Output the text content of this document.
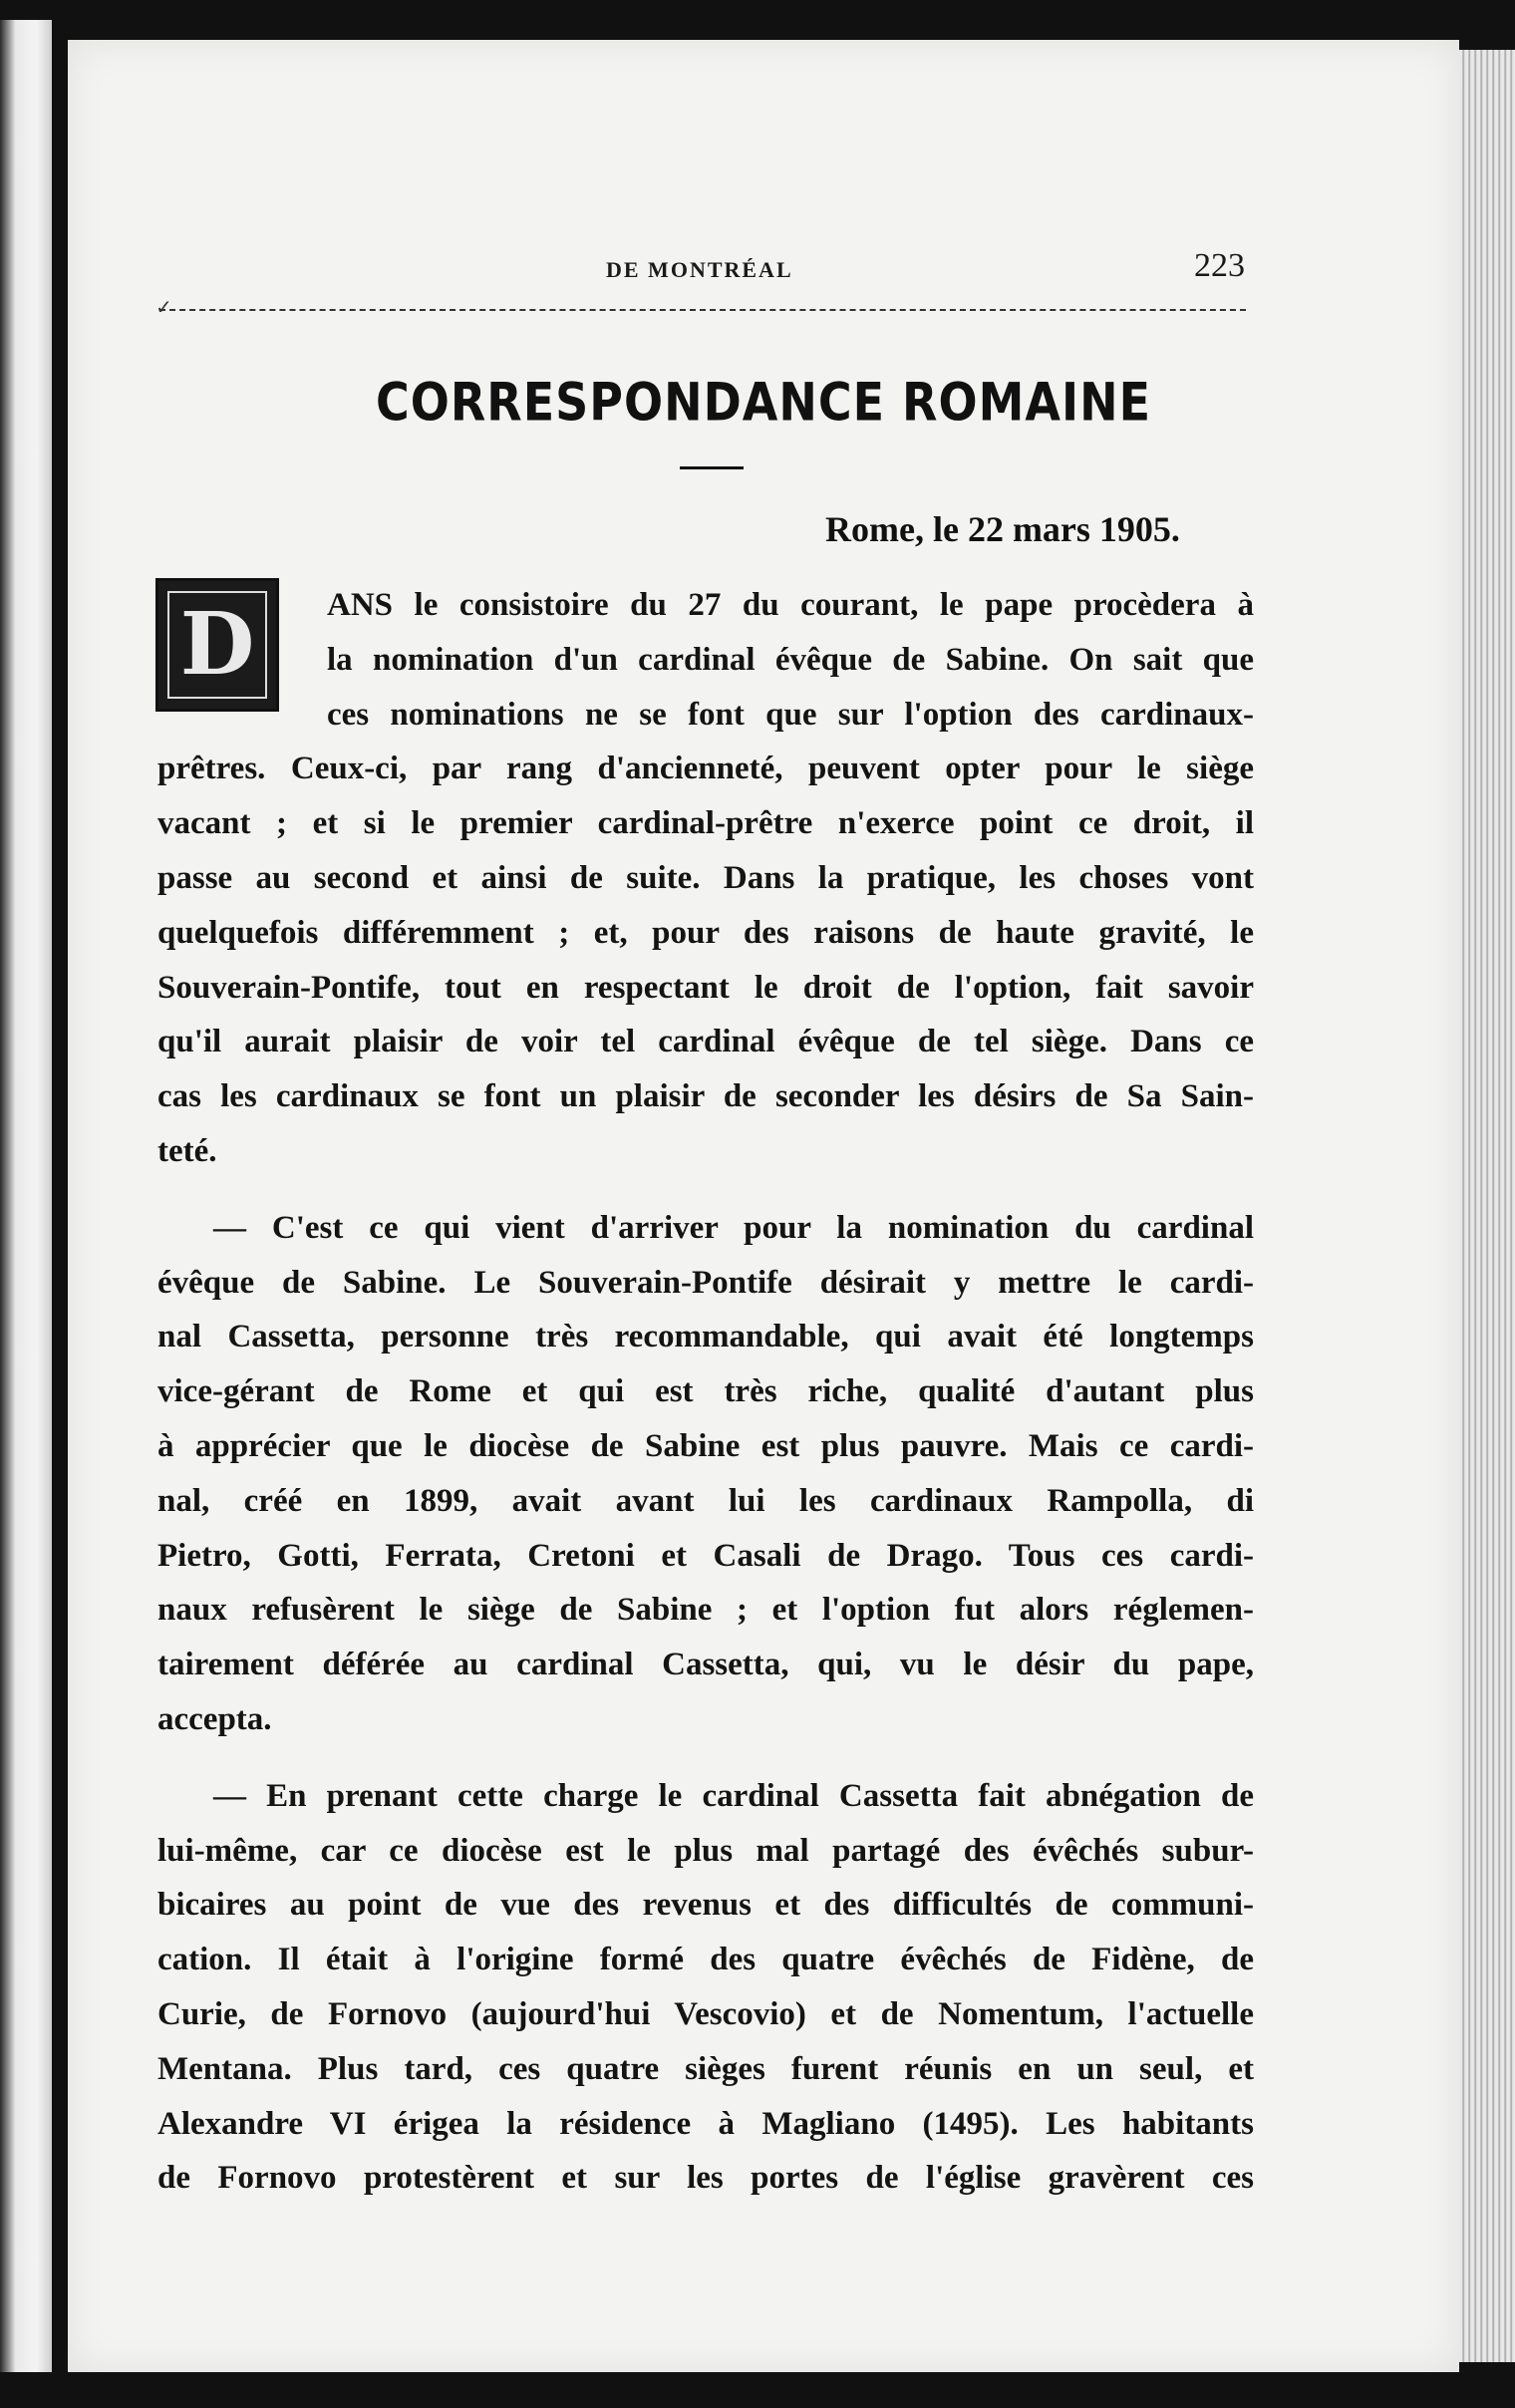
DE MONTRÉAL	223
✓
CORRESPONDANCE ROMAINE
Rome, le 22 mars 1905.
D	ANS le consistoire du 27 du courant, le pape procèdera à
la nomination d'un cardinal évêque de Sabine. On sait que
ces nominations ne se font que sur l'option des cardinaux-
prêtres. Ceux-ci, par rang d'ancienneté, peuvent opter pour le siège
vacant ; et si le premier cardinal-prêtre n'exerce point ce droit, il
passe au second et ainsi de suite. Dans la pratique, les choses vont
quelquefois différemment ; et, pour des raisons de haute gravité, le
Souverain-Pontife, tout en respectant le droit de l'option, fait savoir
qu'il aurait plaisir de voir tel cardinal évêque de tel siège. Dans ce
cas les cardinaux se font un plaisir de seconder les désirs de Sa Sain-
teté.
— C'est ce qui vient d'arriver pour la nomination du cardinal
évêque de Sabine. Le Souverain-Pontife désirait y mettre le cardi-
nal Cassetta, personne très recommandable, qui avait été longtemps
vice-gérant de Rome et qui est très riche, qualité d'autant plus
à apprécier que le diocèse de Sabine est plus pauvre. Mais ce cardi-
nal, créé en 1899, avait avant lui les cardinaux Rampolla, di
Pietro, Gotti, Ferrata, Cretoni et Casali de Drago. Tous ces cardi-
naux refusèrent le siège de Sabine ; et l'option fut alors réglemen-
tairement déférée au cardinal Cassetta, qui, vu le désir du pape,
accepta.
— En prenant cette charge le cardinal Cassetta fait abnégation de
lui-même, car ce diocèse est le plus mal partagé des évêchés subur-
bicaires au point de vue des revenus et des difficultés de communi-
cation. Il était à l'origine formé des quatre évêchés de Fidène, de
Curie, de Fornovo (aujourd'hui Vescovio) et de Nomentum, l'actuelle
Mentana. Plus tard, ces quatre sièges furent réunis en un seul, et
Alexandre VI érigea la résidence à Magliano (1495). Les habitants
de Fornovo protestèrent et sur les portes de l'église gravèrent ces
